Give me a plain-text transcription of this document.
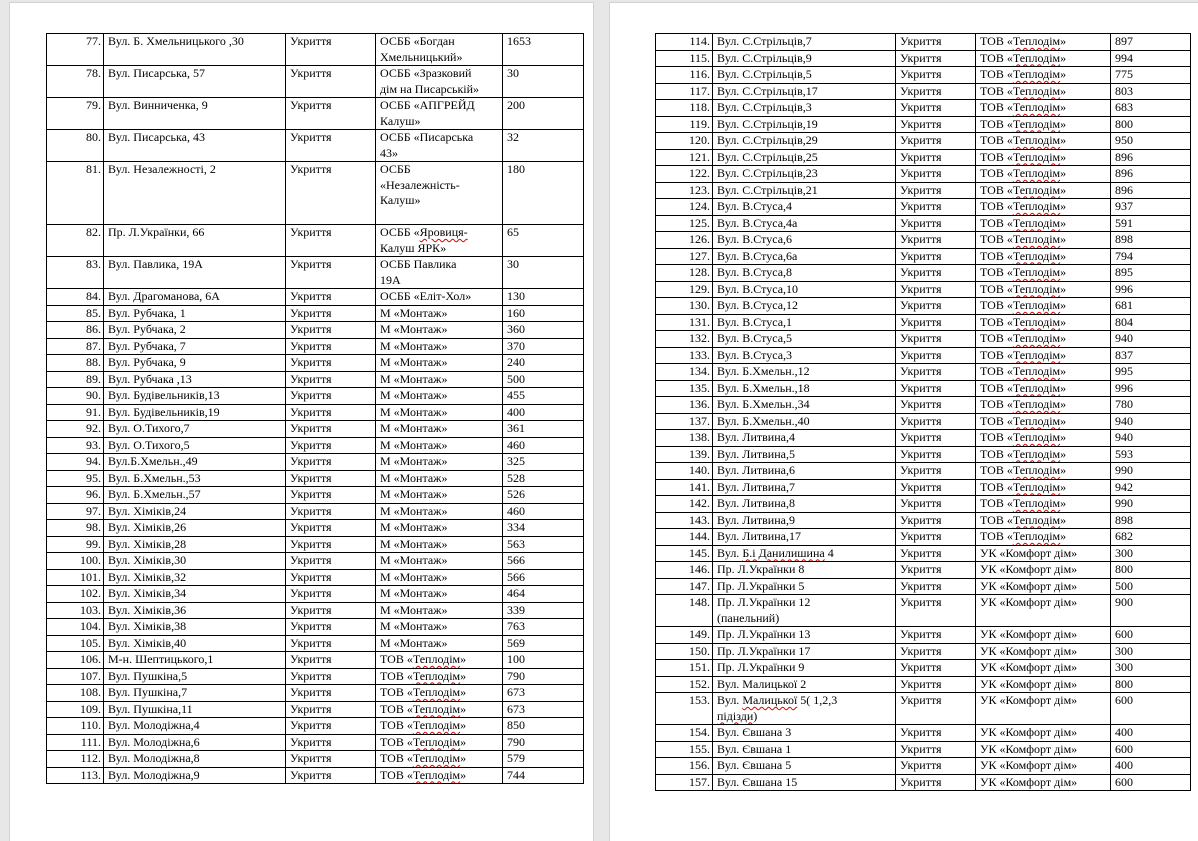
77.	Вул. Б. Хмельницького ,30	Укриття	ОСББ «Богдан
Хмельницький»	1653
78.	Вул. Писарська, 57	Укриття	ОСББ «Зразковий
дім на Писарській»	30
79.	Вул. Винниченка, 9	Укриття	ОСББ «АПГРЕЙД
Калуш»	200
80.	Вул. Писарська, 43	Укриття	ОСББ «Писарська
43»	32
81.	Вул. Незалежності, 2	Укриття	ОСББ
«Незалежність-
Калуш»	180
82.	Пр. Л.Українки, 66	Укриття	ОСББ «Яровиця-
Калуш ЯРК»	65
83.	Вул. Павлика, 19А	Укриття	ОСББ Павлика
19А	30
84.	Вул. Драгоманова, 6А	Укриття	ОСББ «Еліт-Хол»	130
85.	Вул. Рубчака, 1	Укриття	М «Монтаж»	160
86.	Вул. Рубчака, 2	Укриття	М «Монтаж»	360
87.	Вул. Рубчака, 7	Укриття	М «Монтаж»	370
88.	Вул. Рубчака, 9	Укриття	М «Монтаж»	240
89.	Вул. Рубчака ,13	Укриття	М «Монтаж»	500
90.	Вул. Будівельників,13	Укриття	М «Монтаж»	455
91.	Вул. Будівельників,19	Укриття	М «Монтаж»	400
92.	Вул. О.Тихого,7	Укриття	М «Монтаж»	361
93.	Вул. О.Тихого,5	Укриття	М «Монтаж»	460
94.	Вул.Б.Хмельн.,49	Укриття	М «Монтаж»	325
95.	Вул. Б.Хмельн.,53	Укриття	М «Монтаж»	528
96.	Вул. Б.Хмельн.,57	Укриття	М «Монтаж»	526
97.	Вул. Хіміків,24	Укриття	М «Монтаж»	460
98.	Вул. Хіміків,26	Укриття	М «Монтаж»	334
99.	Вул. Хіміків,28	Укриття	М «Монтаж»	563
100.	Вул. Хіміків,30	Укриття	М «Монтаж»	566
101.	Вул. Хіміків,32	Укриття	М «Монтаж»	566
102.	Вул. Хіміків,34	Укриття	М «Монтаж»	464
103.	Вул. Хіміків,36	Укриття	М «Монтаж»	339
104.	Вул. Хіміків,38	Укриття	М «Монтаж»	763
105.	Вул. Хіміків,40	Укриття	М «Монтаж»	569
106.	М-н. Шептицького,1	Укриття	ТОВ «Теплодім»	100
107.	Вул. Пушкіна,5	Укриття	ТОВ «Теплодім»	790
108.	Вул. Пушкіна,7	Укриття	ТОВ «Теплодім»	673
109.	Вул. Пушкіна,11	Укриття	ТОВ «Теплодім»	673
110.	Вул. Молодіжна,4	Укриття	ТОВ «Теплодім»	850
111.	Вул. Молодіжна,6	Укриття	ТОВ «Теплодім»	790
112.	Вул. Молодіжна,8	Укриття	ТОВ «Теплодім»	579
113.	Вул. Молодіжна,9	Укриття	ТОВ «Теплодім»	744
114.	Вул. С.Стрільців,7	Укриття	ТОВ «Теплодім»	897
115.	Вул. С.Стрільців,9	Укриття	ТОВ «Теплодім»	994
116.	Вул. С.Стрільців,5	Укриття	ТОВ «Теплодім»	775
117.	Вул. С.Стрільців,17	Укриття	ТОВ «Теплодім»	803
118.	Вул. С.Стрільців,3	Укриття	ТОВ «Теплодім»	683
119.	Вул. С.Стрільців,19	Укриття	ТОВ «Теплодім»	800
120.	Вул. С.Стрільців,29	Укриття	ТОВ «Теплодім»	950
121.	Вул. С.Стрільців,25	Укриття	ТОВ «Теплодім»	896
122.	Вул. С.Стрільців,23	Укриття	ТОВ «Теплодім»	896
123.	Вул. С.Стрільців,21	Укриття	ТОВ «Теплодім»	896
124.	Вул. В.Стуса,4	Укриття	ТОВ «Теплодім»	937
125.	Вул. В.Стуса,4а	Укриття	ТОВ «Теплодім»	591
126.	Вул. В.Стуса,6	Укриття	ТОВ «Теплодім»	898
127.	Вул. В.Стуса,6а	Укриття	ТОВ «Теплодім»	794
128.	Вул. В.Стуса,8	Укриття	ТОВ «Теплодім»	895
129.	Вул. В.Стуса,10	Укриття	ТОВ «Теплодім»	996
130.	Вул. В.Стуса,12	Укриття	ТОВ «Теплодім»	681
131.	Вул. В.Стуса,1	Укриття	ТОВ «Теплодім»	804
132.	Вул. В.Стуса,5	Укриття	ТОВ «Теплодім»	940
133.	Вул. В.Стуса,3	Укриття	ТОВ «Теплодім»	837
134.	Вул. Б.Хмельн.,12	Укриття	ТОВ «Теплодім»	995
135.	Вул. Б.Хмельн.,18	Укриття	ТОВ «Теплодім»	996
136.	Вул. Б.Хмельн.,34	Укриття	ТОВ «Теплодім»	780
137.	Вул. Б.Хмельн.,40	Укриття	ТОВ «Теплодім»	940
138.	Вул. Литвина,4	Укриття	ТОВ «Теплодім»	940
139.	Вул. Литвина,5	Укриття	ТОВ «Теплодім»	593
140.	Вул. Литвина,6	Укриття	ТОВ «Теплодім»	990
141.	Вул. Литвина,7	Укриття	ТОВ «Теплодім»	942
142.	Вул. Литвина,8	Укриття	ТОВ «Теплодім»	990
143.	Вул. Литвина,9	Укриття	ТОВ «Теплодім»	898
144.	Вул. Литвина,17	Укриття	ТОВ «Теплодім»	682
145.	Вул. Б.і Данилишина 4	Укриття	УК «Комфорт дім»	300
146.	Пр. Л.Українки 8	Укриття	УК «Комфорт дім»	800
147.	Пр. Л.Українки 5	Укриття	УК «Комфорт дім»	500
148.	Пр. Л.Українки 12
(панельний)	Укриття	УК «Комфорт дім»	900
149.	Пр. Л.Українки 13	Укриття	УК «Комфорт дім»	600
150.	Пр. Л.Українки 17	Укриття	УК «Комфорт дім»	300
151.	Пр. Л.Українки 9	Укриття	УК «Комфорт дім»	300
152.	Вул. Малицької 2	Укриття	УК «Комфорт дім»	800
153.	Вул. Малицької 5( 1,2,3
підізди)	Укриття	УК «Комфорт дім»	600
154.	Вул. Євшана 3	Укриття	УК «Комфорт дім»	400
155.	Вул. Євшана 1	Укриття	УК «Комфорт дім»	600
156.	Вул. Євшана 5	Укриття	УК «Комфорт дім»	400
157.	Вул. Євшана 15	Укриття	УК «Комфорт дім»	600
